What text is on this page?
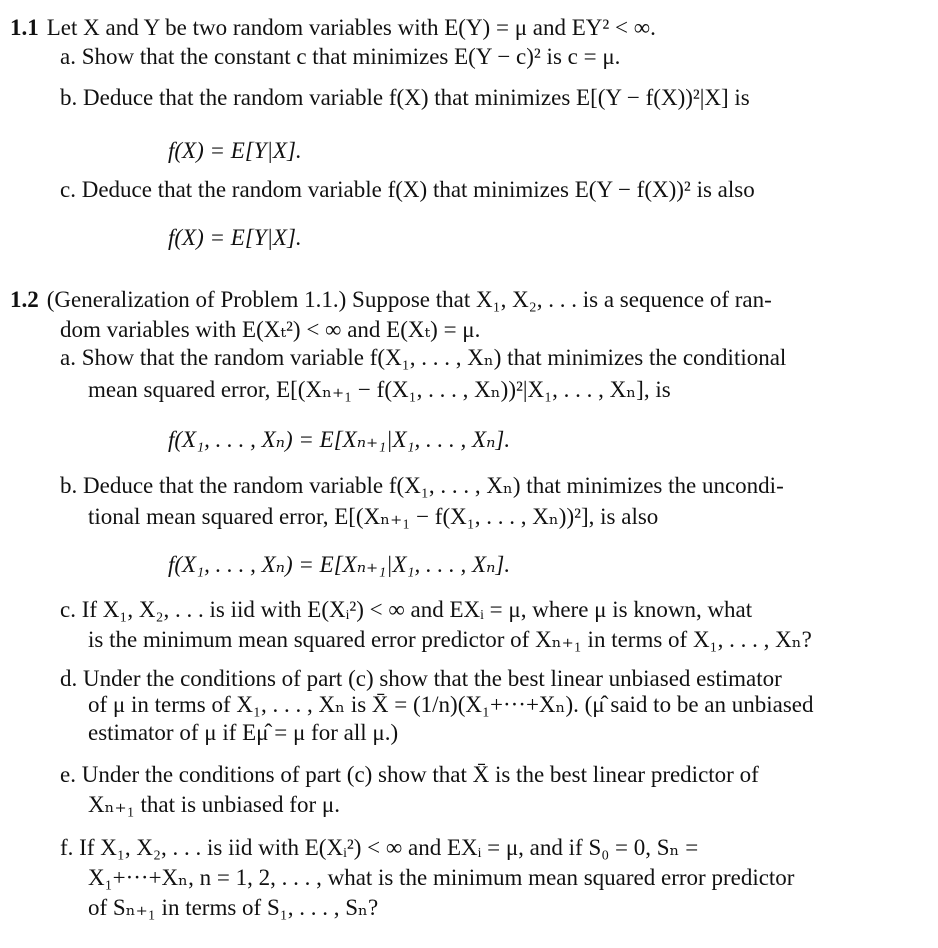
1.1 Let X and Y be two random variables with E(Y) = μ and EY² < ∞.
a. Show that the constant c that minimizes E(Y − c)² is c = μ.
b. Deduce that the random variable f(X) that minimizes E[(Y − f(X))²|X] is
f(X) = E[Y|X].
c. Deduce that the random variable f(X) that minimizes E(Y − f(X))² is also
f(X) = E[Y|X].
1.2 (Generalization of Problem 1.1.) Suppose that X₁, X₂, . . . is a sequence of ran-
dom variables with E(Xₜ²) < ∞ and E(Xₜ) = μ.
a. Show that the random variable f(X₁, . . . , Xₙ) that minimizes the conditional
mean squared error, E[(Xₙ₊₁ − f(X₁, . . . , Xₙ))²|X₁, . . . , Xₙ], is
f(X₁, . . . , Xₙ) = E[Xₙ₊₁|X₁, . . . , Xₙ].
b. Deduce that the random variable f(X₁, . . . , Xₙ) that minimizes the uncondi-
tional mean squared error, E[(Xₙ₊₁ − f(X₁, . . . , Xₙ))²], is also
f(X₁, . . . , Xₙ) = E[Xₙ₊₁|X₁, . . . , Xₙ].
c. If X₁, X₂, . . . is iid with E(Xᵢ²) < ∞ and EXᵢ = μ, where μ is known, what
is the minimum mean squared error predictor of Xₙ₊₁ in terms of X₁, . . . , Xₙ?
d. Under the conditions of part (c) show that the best linear unbiased estimator
of μ in terms of X₁, . . . , Xₙ is X̄ = (1/n)(X₁+···+Xₙ). (μ̂ said to be an unbiased
estimator of μ if Eμ̂ = μ for all μ.)
e. Under the conditions of part (c) show that X̄ is the best linear predictor of
Xₙ₊₁ that is unbiased for μ.
f. If X₁, X₂, . . . is iid with E(Xᵢ²) < ∞ and EXᵢ = μ, and if S₀ = 0, Sₙ =
X₁+···+Xₙ, n = 1, 2, . . . , what is the minimum mean squared error predictor
of Sₙ₊₁ in terms of S₁, . . . , Sₙ?
